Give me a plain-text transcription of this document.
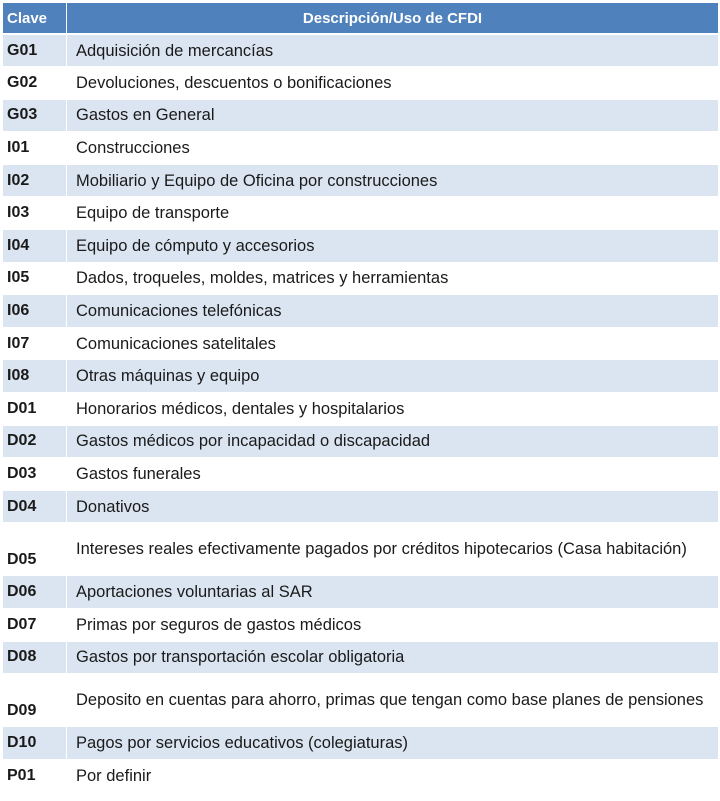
Clave	Descripción/Uso de CFDI
G01	Adquisición de mercancías
G02	Devoluciones, descuentos o bonificaciones
G03	Gastos en General
I01	Construcciones
I02	Mobiliario y Equipo de Oficina por construcciones
I03	Equipo de transporte
I04	Equipo de cómputo y accesorios
I05	Dados, troqueles, moldes, matrices y herramientas
I06	Comunicaciones telefónicas
I07	Comunicaciones satelitales
I08	Otras máquinas y equipo
D01	Honorarios médicos, dentales y hospitalarios
D02	Gastos médicos por incapacidad o discapacidad
D03	Gastos funerales
D04	Donativos
D05	Intereses reales efectivamente pagados por créditos hipotecarios (Casa habitación)
D06	Aportaciones voluntarias al SAR
D07	Primas por seguros de gastos médicos
D08	Gastos por transportación escolar obligatoria
D09	Deposito en cuentas para ahorro, primas que tengan como base planes de pensiones
D10	Pagos por servicios educativos (colegiaturas)
P01	Por definir
